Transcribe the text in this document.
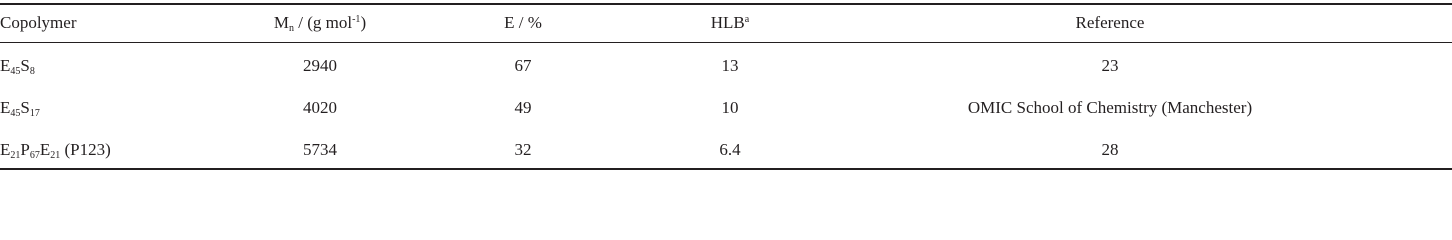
Copolymer	$M_n / (g$ mol$^{-1}$)	E / %	HLB$^a$	Reference
$E_{45}S_8$	2940	67	13	23
$E_{45}S_{17}$	4020	49	10	OMIC School of Chemistry (Manchester)
$E_{21}P_{67}E_{21}$ (P123)	5734	32	6.4	28
